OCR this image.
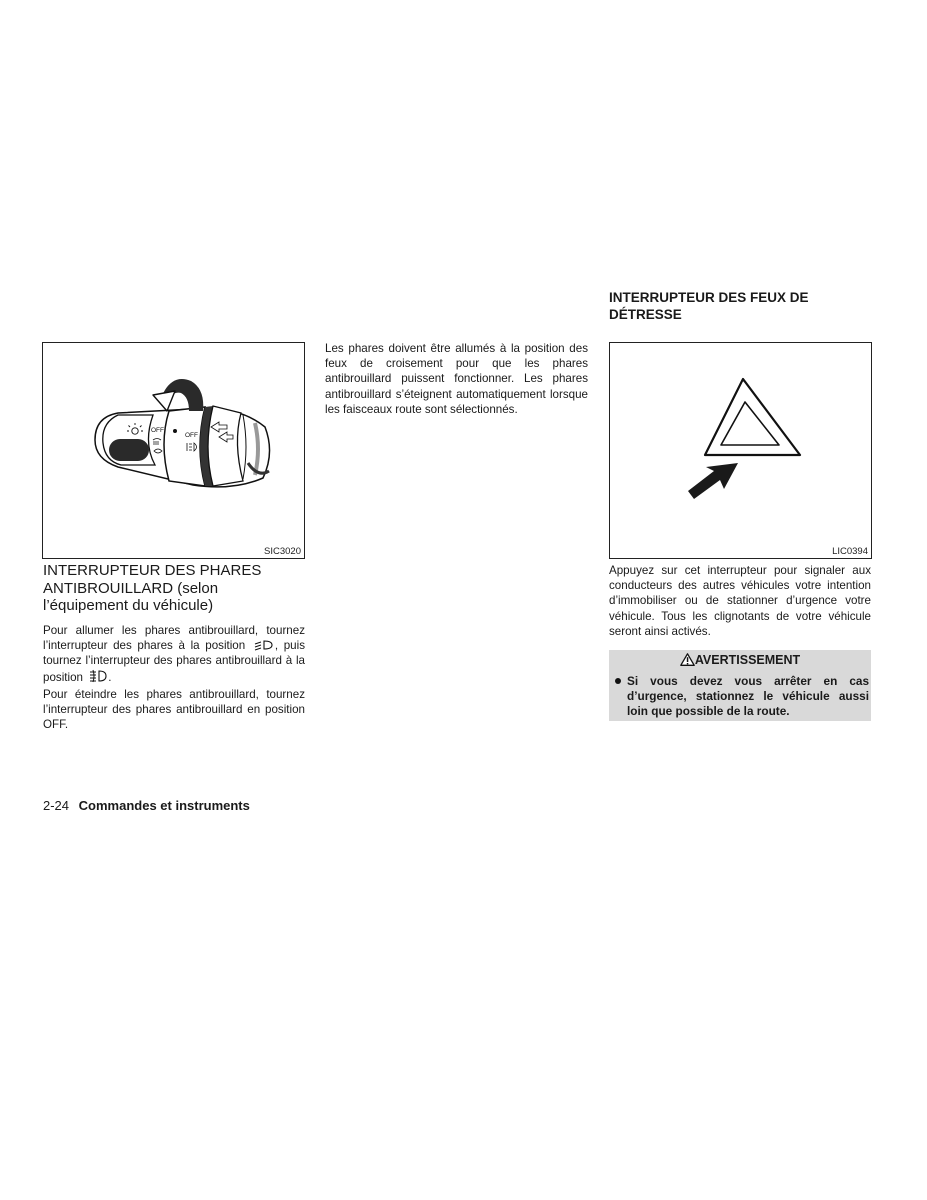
OFF
OFF
SIC3020
INTERRUPTEUR DES PHARES ANTIBROUILLARD (selon l’équipement du véhicule)

Pour allumer les phares antibrouillard, tournez l’interrupteur des phares à la position	, puis tournez l’interrupteur des phares antibrouillard à la position .

Pour éteindre les phares antibrouillard, tournez l’interrupteur des phares antibrouillard en position OFF.

Les phares doivent être allumés à la position des feux de croisement pour que les phares antibrouillard puissent fonctionner. Les phares antibrouillard s’éteignent automatiquement lorsque les faisceaux route sont sélectionnés.

INTERRUPTEUR DES FEUX DE DÉTRESSE
LIC0394

Appuyez sur cet interrupteur pour signaler aux conducteurs des autres véhicules votre intention d’immobiliser ou de stationner d’urgence votre véhicule. Tous les clignotants de votre véhicule seront ainsi activés.

AVERTISSEMENT
Si vous devez vous arrêter en cas d’urgence, stationnez le véhicule aussi loin que possible de la route.
2-24 Commandes et instruments
